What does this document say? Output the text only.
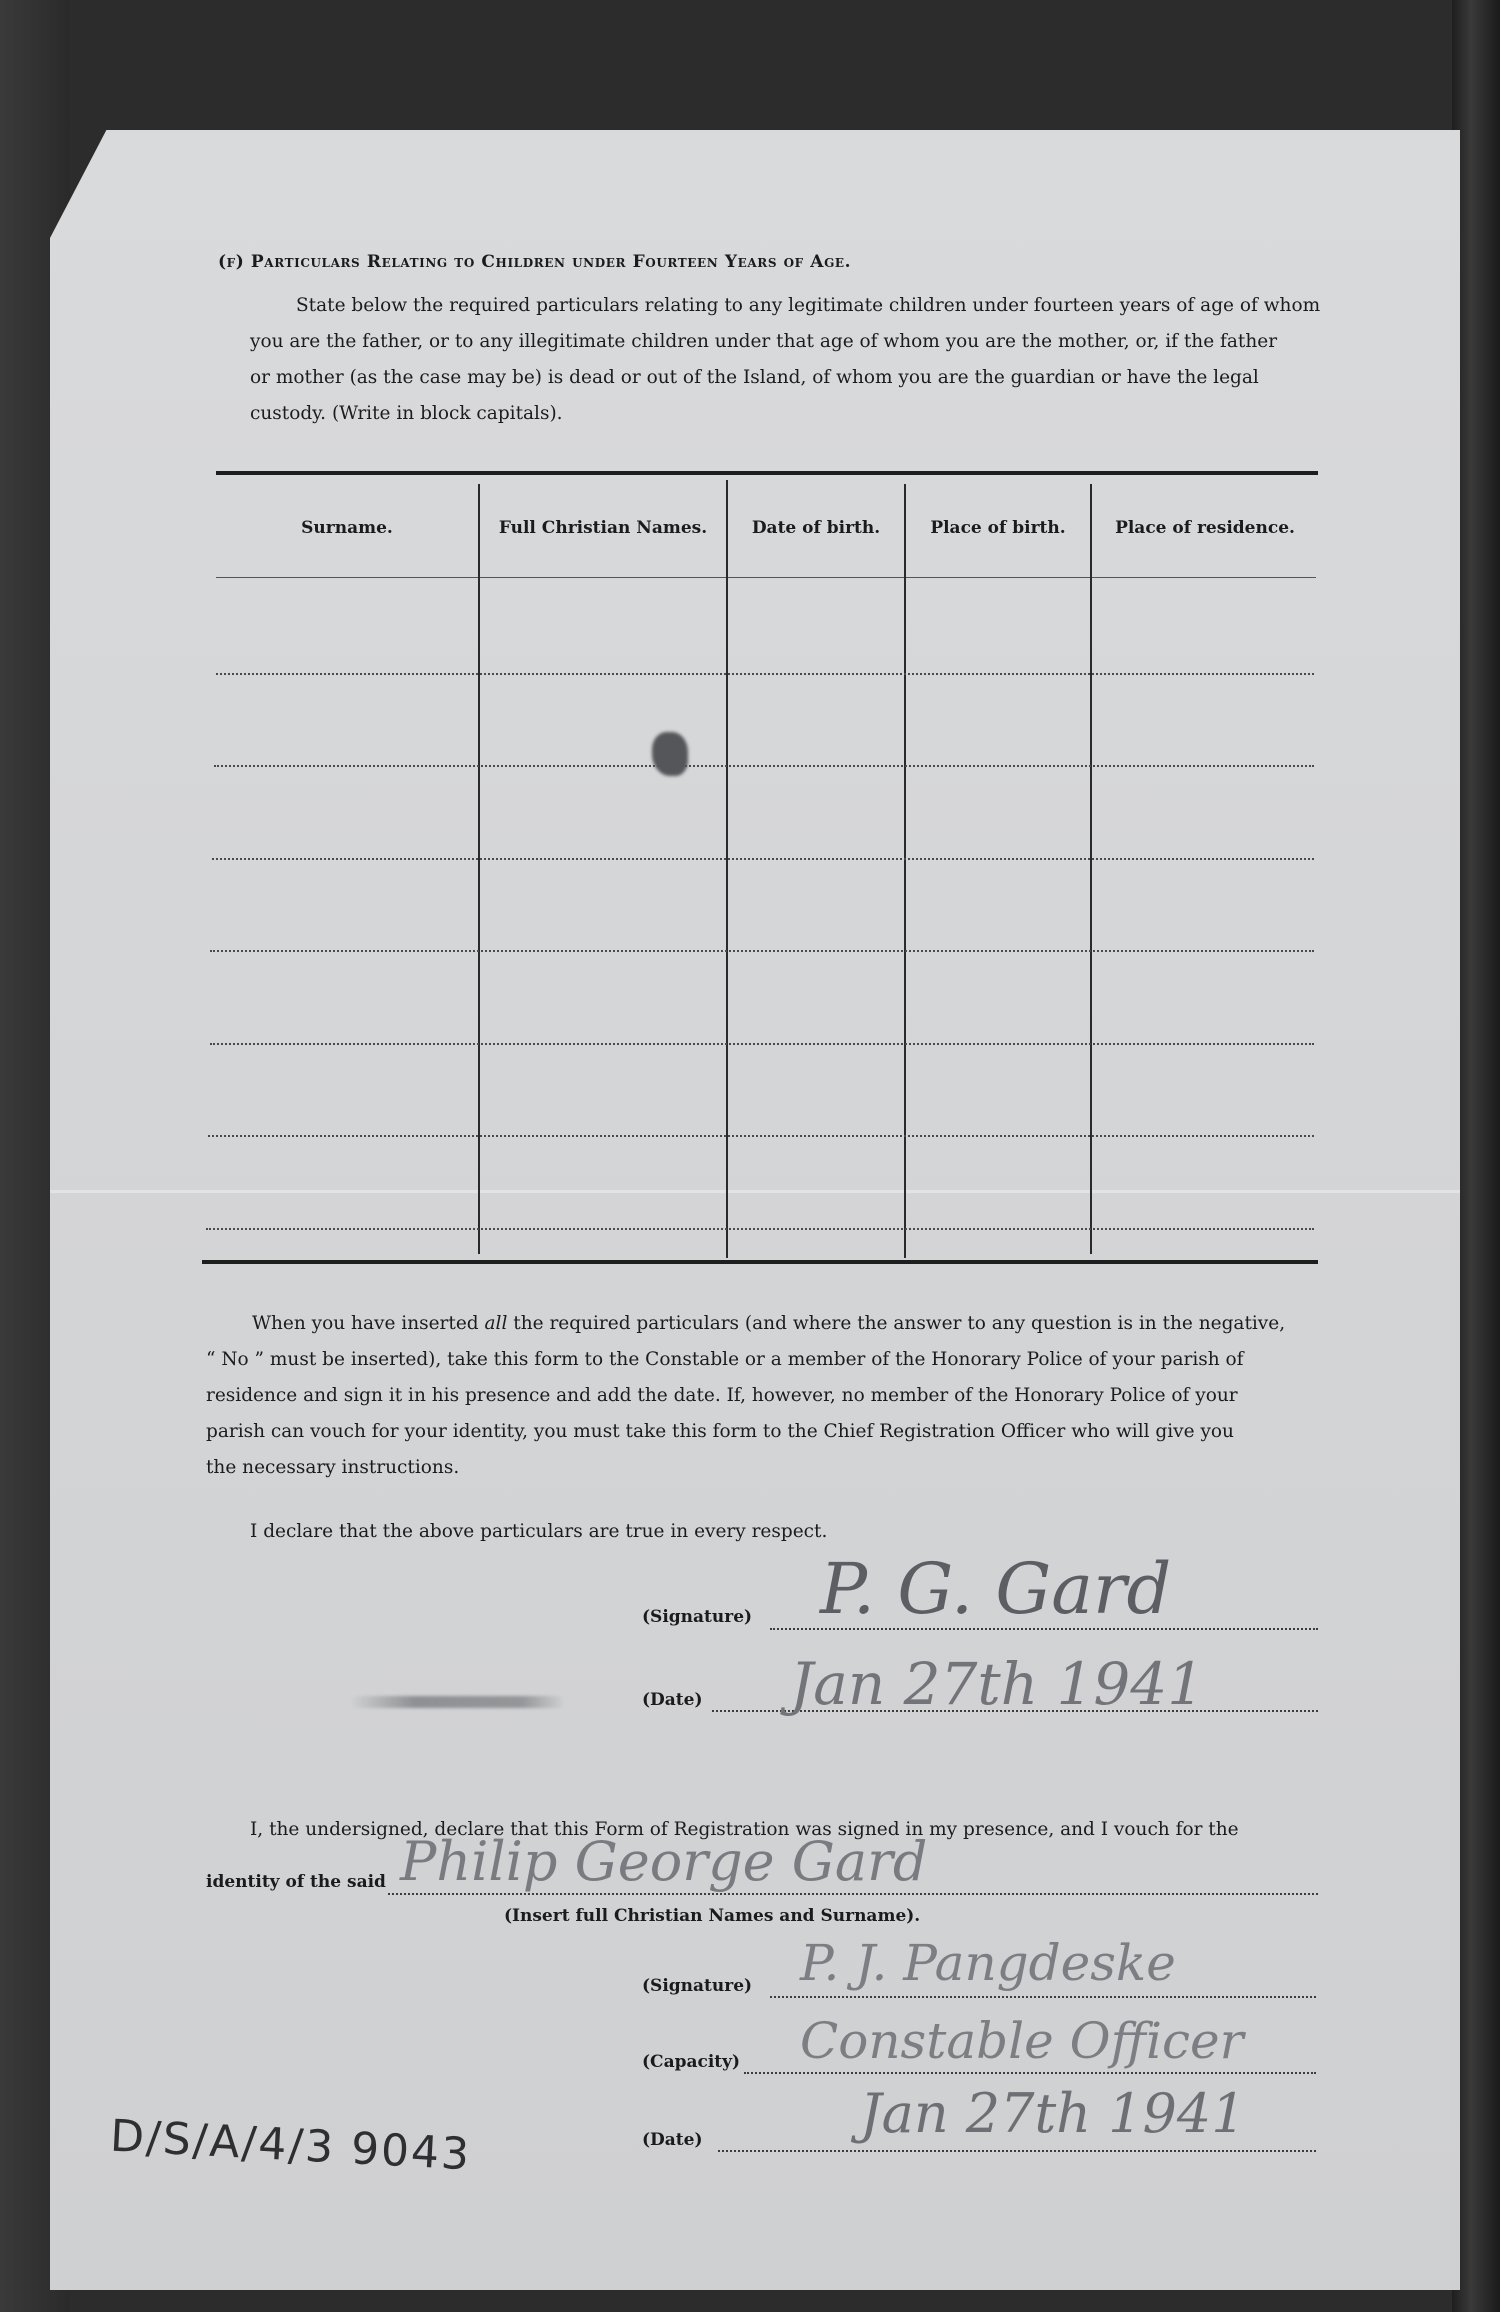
(f) Particulars Relating to Children under Fourteen Years of Age.
State below the required particulars relating to any legitimate children under fourteen years of age of whom
you are the father, or to any illegitimate children under that age of whom you are the mother, or, if the father
or mother (as the case may be) is dead or out of the Island, of whom you are the guardian or have the legal
custody. (Write in block capitals).
Surname.	Full Christian Names.	Date of birth.	Place of birth.	Place of residence.
When you have inserted all the required particulars (and where the answer to any question is in the negative,
“ No ” must be inserted), take this form to the Constable or a member of the Honorary Police of your parish of
residence and sign it in his presence and add the date. If, however, no member of the Honorary Police of your
parish can vouch for your identity, you must take this form to the Chief Registration Officer who will give you
the necessary instructions.
I declare that the above particulars are true in every respect.
(Signature) P. G. Gard
(Date) Jan 27th 1941
I, the undersigned, declare that this Form of Registration was signed in my presence, and I vouch for the
identity of the said Philip George Gard
(Insert full Christian Names and Surname).
(Signature) P. J. Pangdeske
(Capacity) Constable Officer
(Date)	Jan 27th 1941
D/S/A/4/3 9043
